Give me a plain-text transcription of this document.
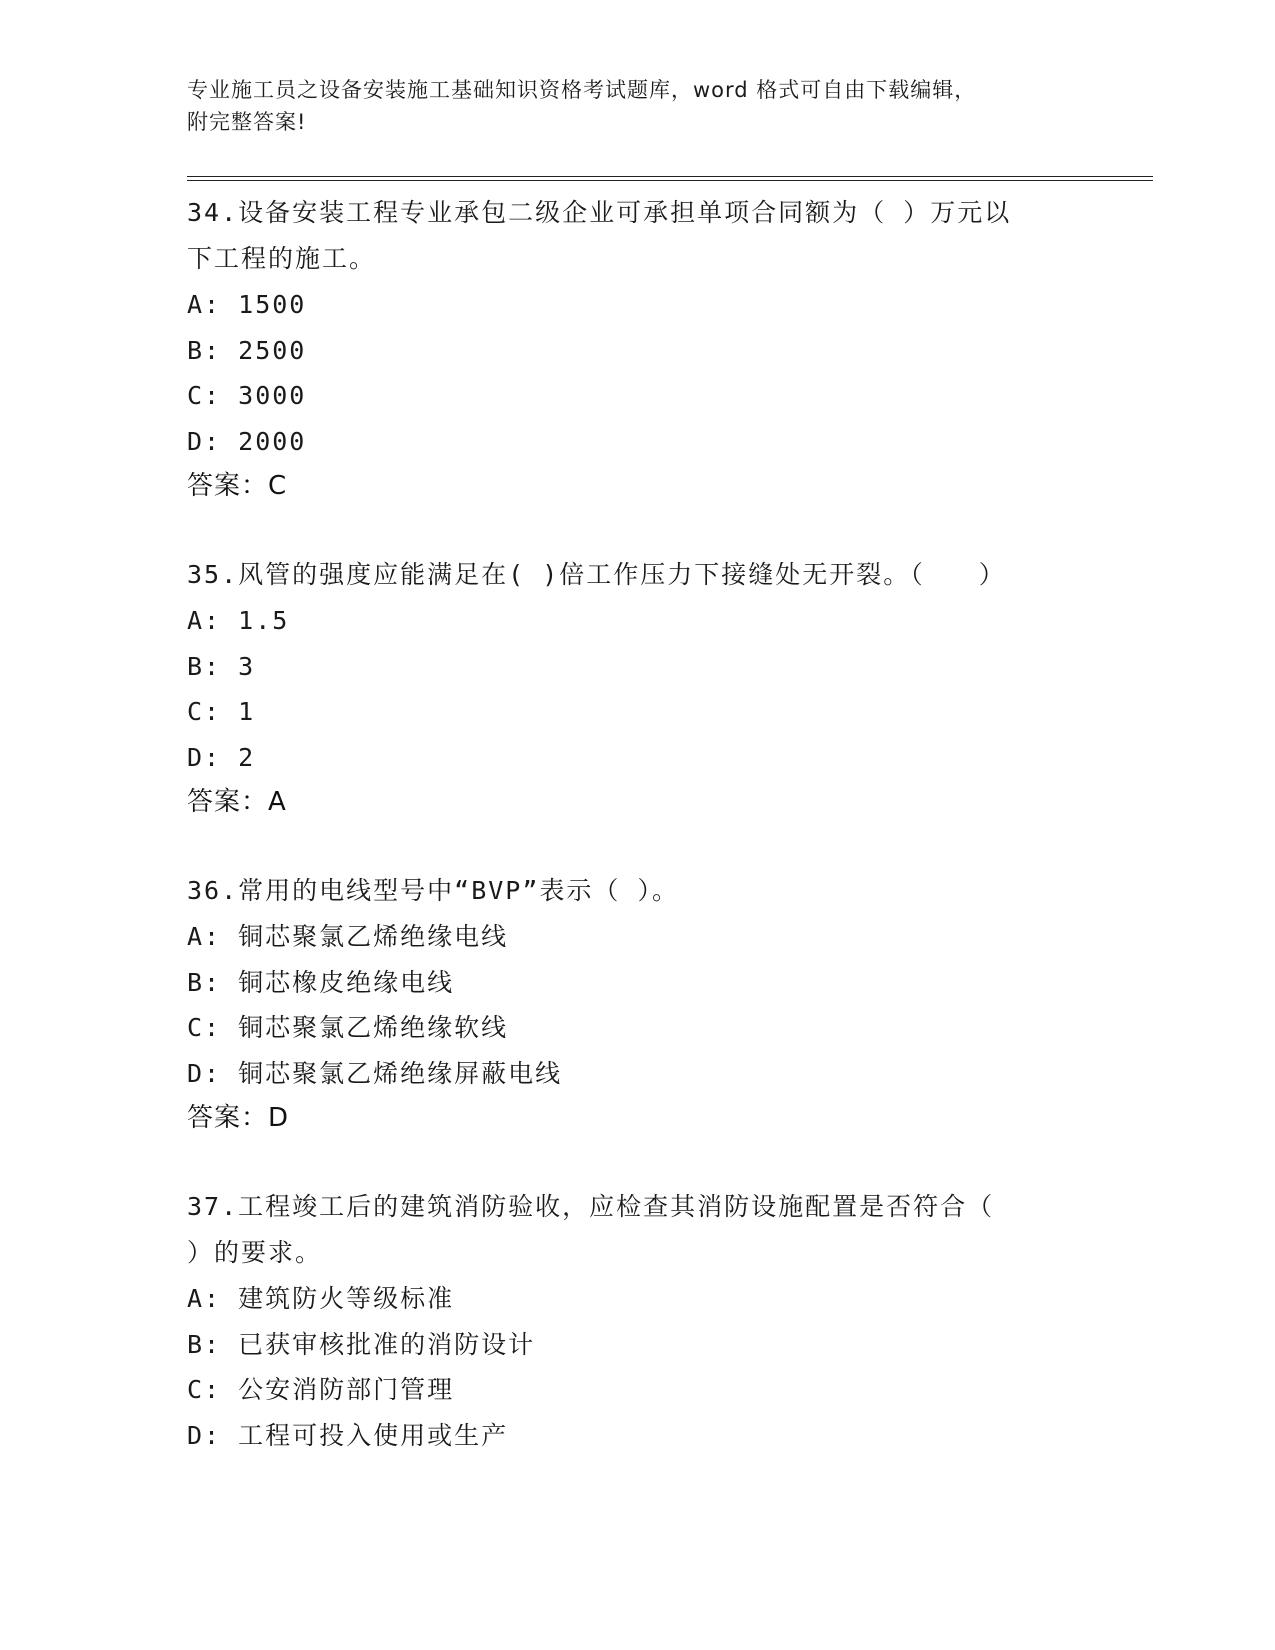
专业施工员之设备安装施工基础知识资格考试题库，word 格式可自由下载编辑，
附完整答案!

34.设备安装工程专业承包二级企业可承担单项合同额为（ ）万元以

下工程的施工。

A: 1500

B: 2500

C: 3000

D: 2000

答案：C

35.风管的强度应能满足在( )倍工作压力下接缝处无开裂。（　　）

A: 1.5

B: 3

C: 1

D: 2

答案：A

36.常用的电线型号中“BVP”表示（ ）。

A: 铜芯聚氯乙烯绝缘电线

B: 铜芯橡皮绝缘电线

C: 铜芯聚氯乙烯绝缘软线

D: 铜芯聚氯乙烯绝缘屏蔽电线

答案：D

37.工程竣工后的建筑消防验收，应检查其消防设施配置是否符合（

）的要求。

A: 建筑防火等级标准

B: 已获审核批准的消防设计

C: 公安消防部门管理

D: 工程可投入使用或生产
